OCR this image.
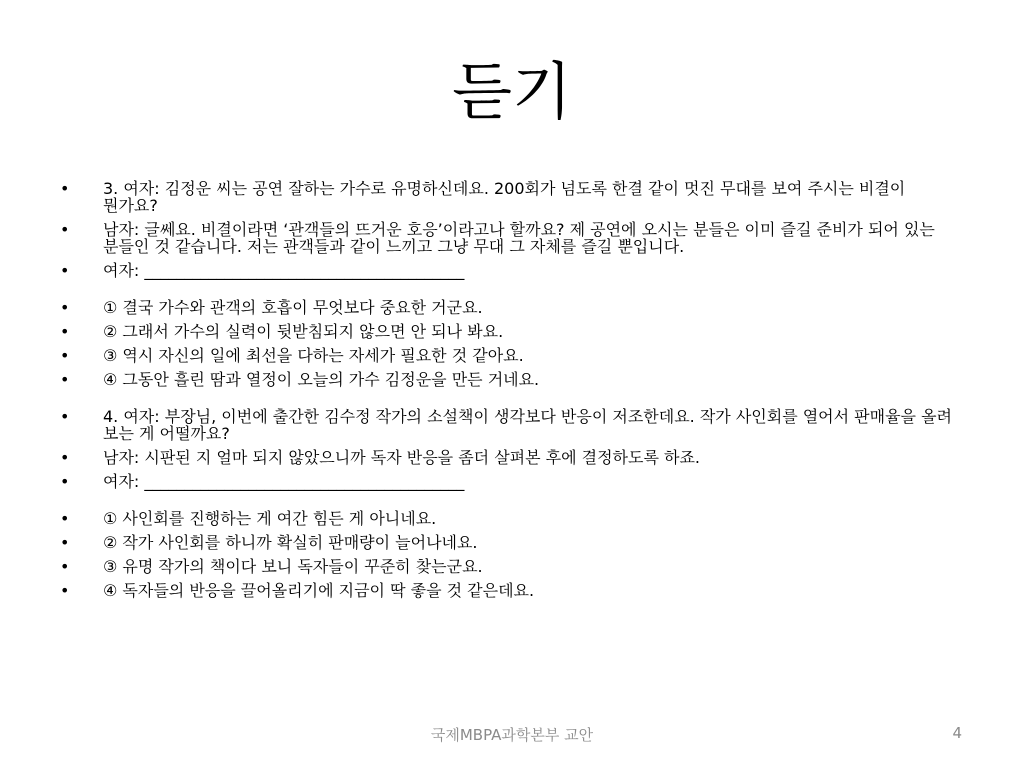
듣기
• 3. 여자: 김정운 씨는 공연 잘하는 가수로 유명하신데요. 200회가 넘도록 한결 같이 멋진 무대를 보여 주시는 비결이 뭔가요?
• 남자: 글쎄요. 비결이라면 ‘관객들의 뜨거운 호응’이라고나 할까요? 제 공연에 오시는 분들은 이미 즐길 준비가 되어 있는 분들인 것 같습니다. 저는 관객들과 같이 느끼고 그냥 무대 그 자체를 즐길 뿐입니다.
• 여자: ________________________________________
• ① 결국 가수와 관객의 호흡이 무엇보다 중요한 거군요.
• ② 그래서 가수의 실력이 뒷받침되지 않으면 안 되나 봐요.
• ③ 역시 자신의 일에 최선을 다하는 자세가 필요한 것 같아요.
• ④ 그동안 흘린 땀과 열정이 오늘의 가수 김정운을 만든 거네요.
• 4. 여자: 부장님, 이번에 출간한 김수정 작가의 소설책이 생각보다 반응이 저조한데요. 작가 사인회를 열어서 판매율을 올려 보는 게 어떨까요?
• 남자: 시판된 지 얼마 되지 않았으니까 독자 반응을 좀더 살펴본 후에 결정하도록 하죠.
• 여자: ________________________________________
• ① 사인회를 진행하는 게 여간 힘든 게 아니네요.
• ② 작가 사인회를 하니까 확실히 판매량이 늘어나네요.
• ③ 유명 작가의 책이다 보니 독자들이 꾸준히 찾는군요.
• ④ 독자들의 반응을 끌어올리기에 지금이 딱 좋을 것 같은데요.
국제MBPA과학본부 교안	4
